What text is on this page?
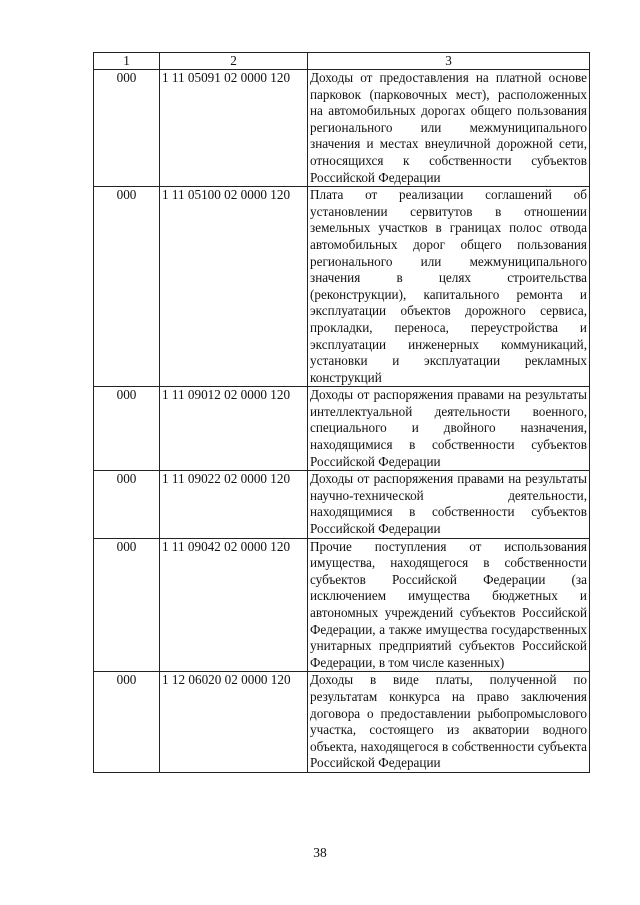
1	2	3
000	1 11 05091 02 0000 120	Доходы от предоставления на платной основе парковок (парковочных мест), расположенных на автомобильных дорогах общего пользования регионального или межмуниципального значения и местах внеуличной дорожной сети, относящихся к собственности субъектов Российской Федерации
000	1 11 05100 02 0000 120	Плата от реализации соглашений об установлении сервитутов в отношении земельных участков в границах полос отвода автомобильных дорог общего пользования регионального или межмуниципального значения в целях строительства (реконструкции), капитального ремонта и эксплуатации объектов дорожного сервиса, прокладки, переноса, переустройства и эксплуатации инженерных коммуникаций, установки и эксплуатации рекламных конструкций
000	1 11 09012 02 0000 120	Доходы от распоряжения правами на результаты интеллектуальной деятельности военного, специального и двойного назначения, находящимися в собственности субъектов Российской Федерации
000	1 11 09022 02 0000 120	Доходы от распоряжения правами на результаты научно-технической деятельности, находящимися в собственности субъектов Российской Федерации
000	1 11 09042 02 0000 120	Прочие поступления от использования имущества, находящегося в собственности субъектов Российской Федерации (за исключением имущества бюджетных и автономных учреждений субъектов Российской Федерации, а также имущества государственных унитарных предприятий субъектов Российской Федерации, в том числе казенных)
000	1 12 06020 02 0000 120	Доходы в виде платы, полученной по результатам конкурса на право заключения договора о предоставлении рыбопромыслового участка, состоящего из акватории водного объекта, находящегося в собственности субъекта Российской Федерации
38
